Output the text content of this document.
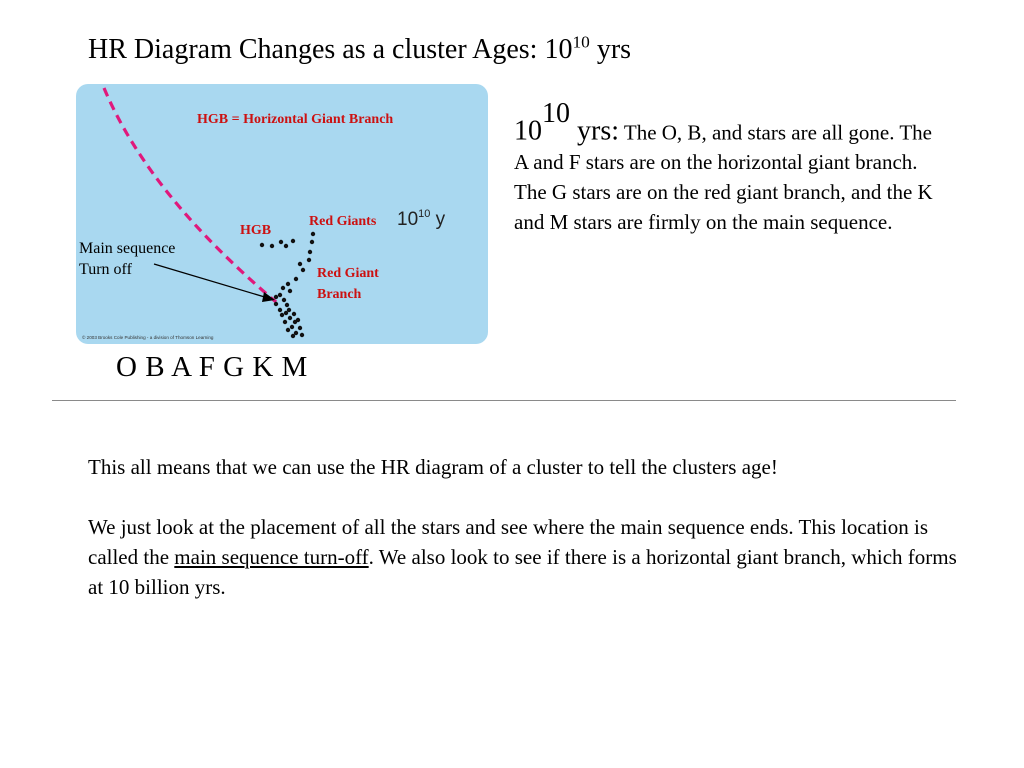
HR Diagram Changes as a cluster Ages: $10^{10}$ yrs
HGB = Horizontal Giant Branch
HGB
Red Giants
Red Giant
Branch
$10^{10}$ y
© 2003 Brooks Cole Publishing - a division of Thomson Learning
Main sequence
Turn off
O B A F G K M
$10^{10}$ yrs: The O, B, and stars are all gone. The A and F stars are on the horizontal giant branch. The G stars are on the red giant branch, and the K and M stars are firmly on the main sequence.

This all means that we can use the HR diagram of a cluster to tell the clusters age!

We just look at the placement of all the stars and see where the main sequence ends. This location is called the main sequence turn-off. We also look to see if there is a horizontal giant branch, which forms at 10 billion yrs.
